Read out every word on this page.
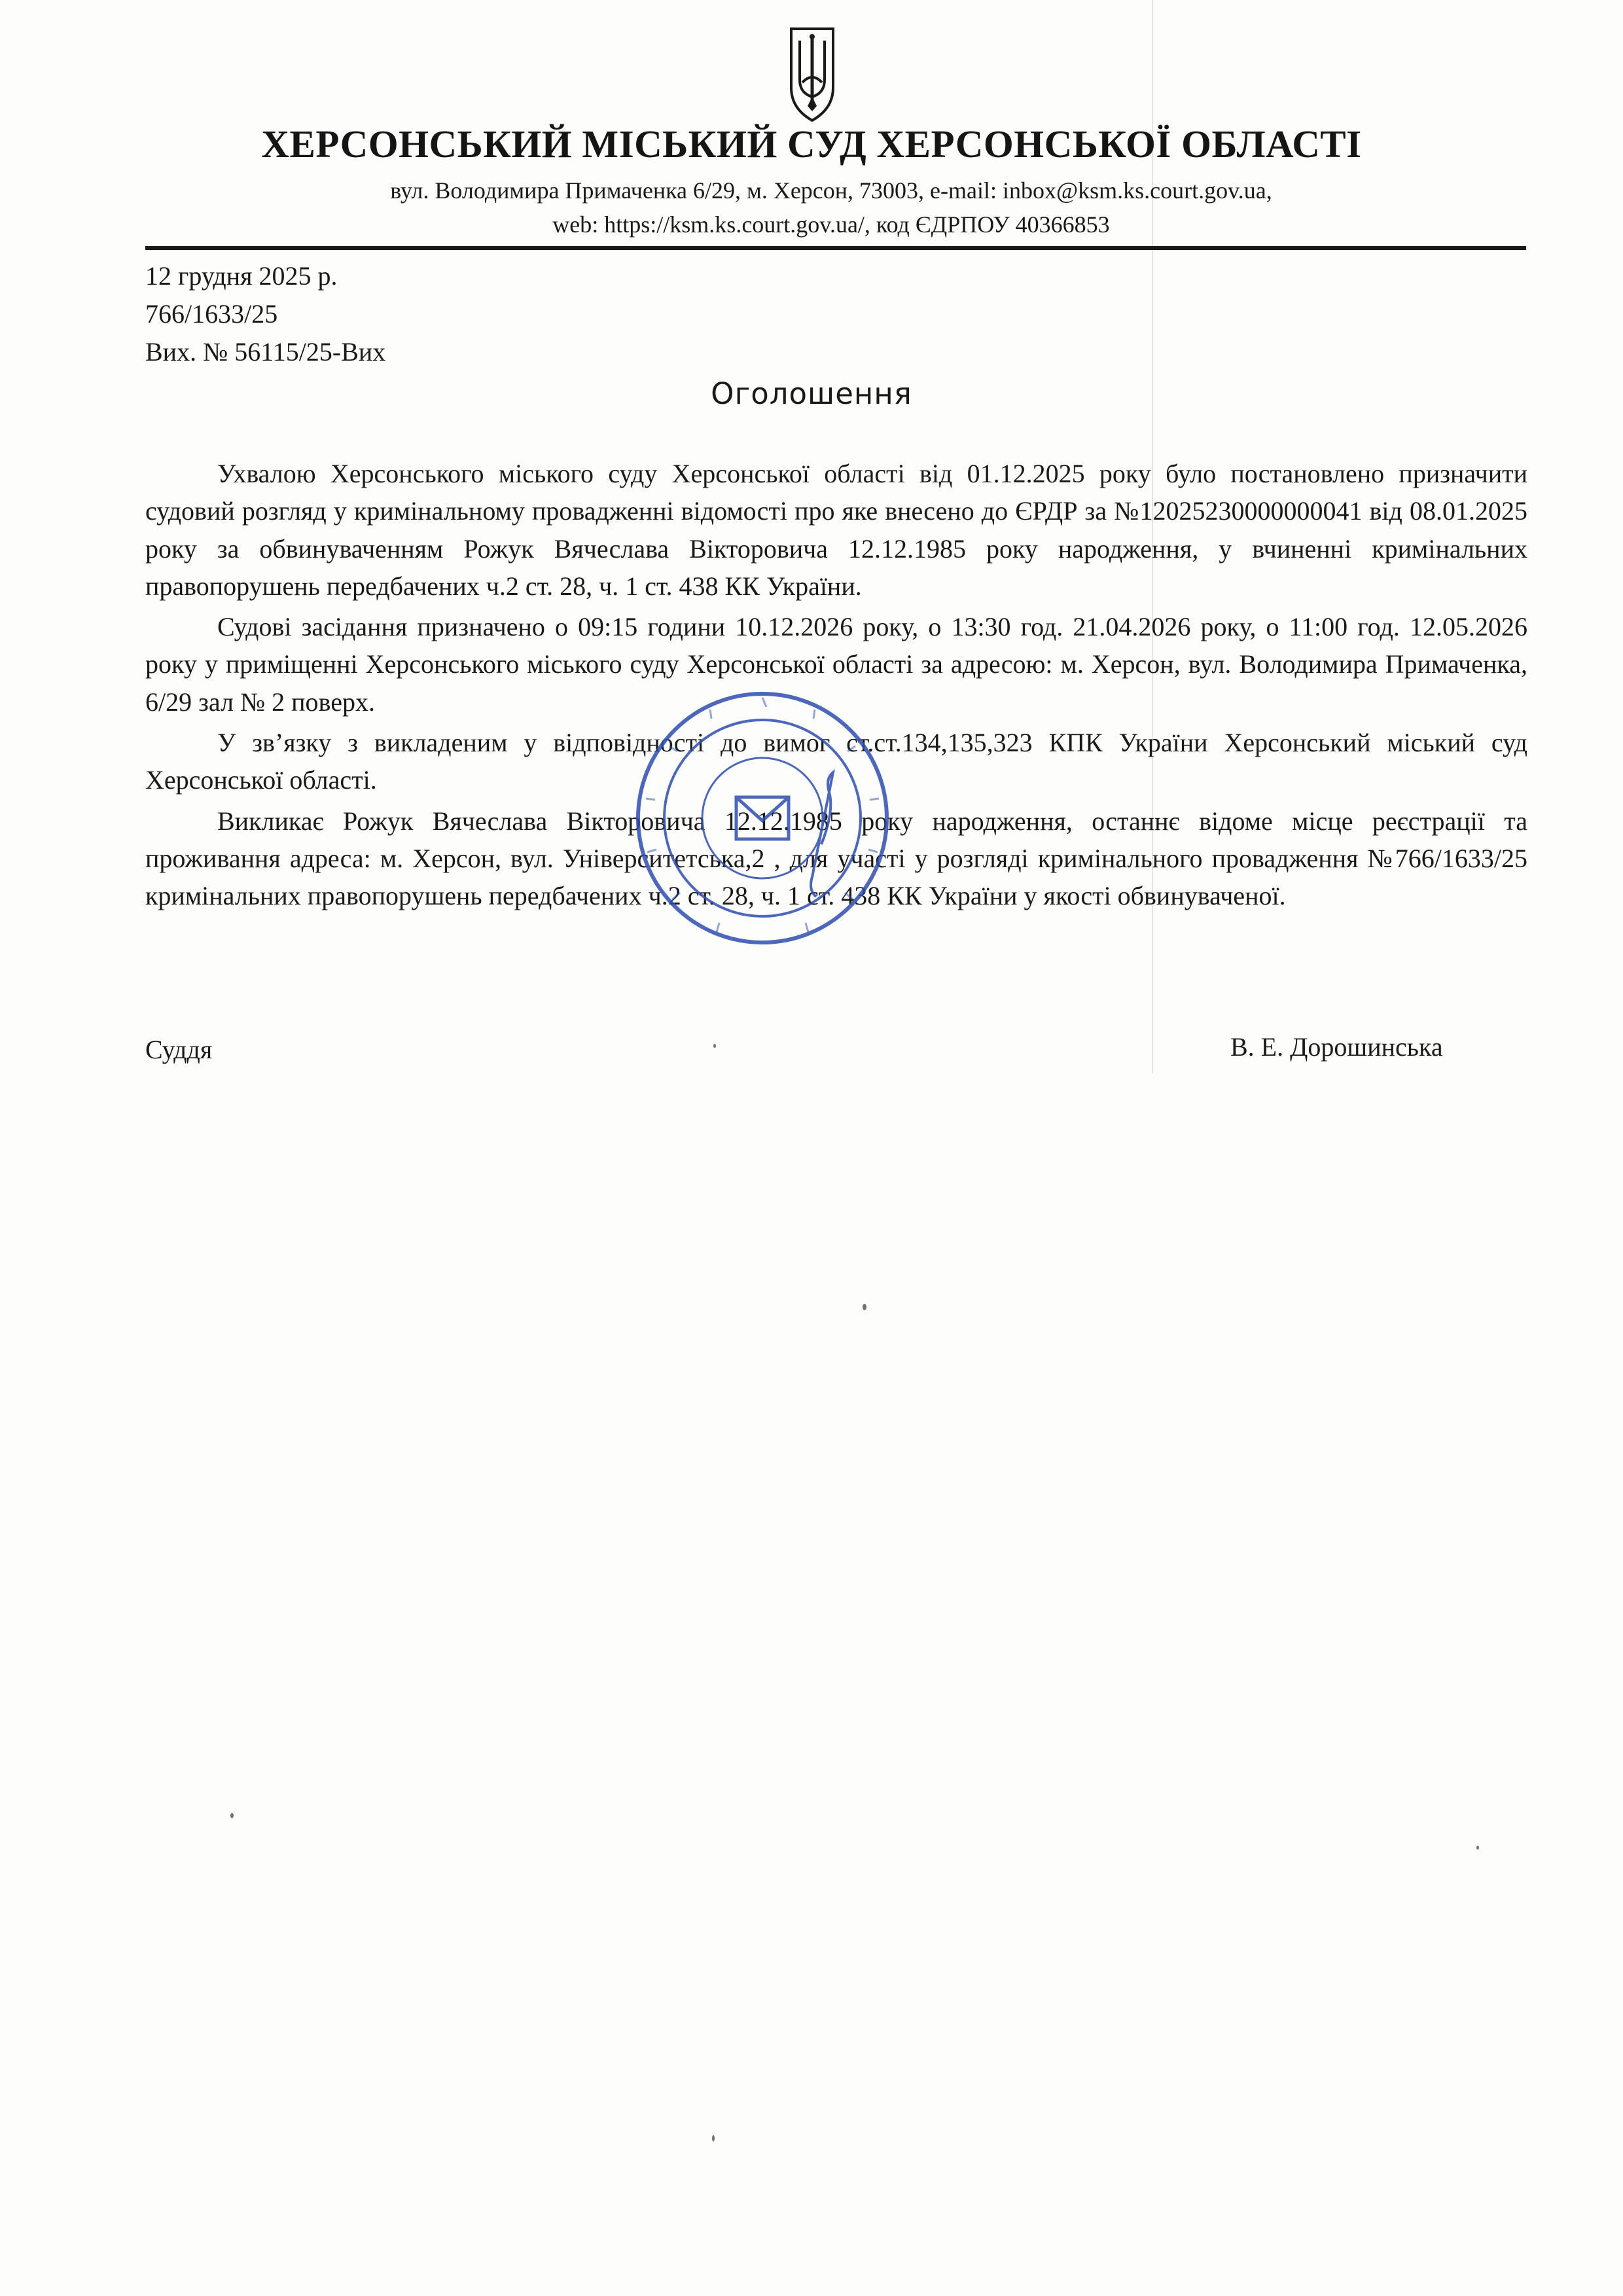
ХЕРСОНСЬКИЙ МІСЬКИЙ СУД ХЕРСОНСЬКОЇ ОБЛАСТІ
вул. Володимира Примаченка 6/29, м. Херсон, 73003, e-mail: inbox@ksm.ks.court.gov.ua,
web: https://ksm.ks.court.gov.ua/, код ЄДРПОУ 40366853
12 грудня 2025 р.
766/1633/25
Вих. № 56115/25-Вих
Оголошення

Ухвалою Херсонського міського суду Херсонської області від 01.12.2025 року було постановлено призначити судовий розгляд у кримінальному провадженні відомості про яке внесено до ЄРДР за №12025230000000041 від 08.01.2025 року за обвинуваченням Рожук Вячеслава Вікторовича 12.12.1985 року народження, у вчиненні кримінальних правопорушень передбачених ч.2 ст. 28, ч. 1 ст. 438 КК України.

Судові засідання призначено о 09:15 години 10.12.2026 року, о 13:30 год. 21.04.2026 року, о 11:00 год. 12.05.2026 року у приміщенні Херсонського міського суду Херсонської області за адресою: м. Херсон, вул. Володимира Примаченка, 6/29 зал № 2 поверх.

У зв’язку з викладеним у відповідності до вимог ст.ст.134,135,323 КПК України Херсонський міський суд Херсонської області.

Викликає Рожук Вячеслава Вікторовича 12.12.1985 року народження, останнє відоме місце реєстрації та проживання адреса: м. Херсон, вул. Університетська,2 , для участі у розгляді кримінального провадження №766/1633/25 кримінальних правопорушень передбачених ч.2 ст. 28, ч. 1 ст. 438 КК України у якості обвинуваченої.

Суддя	В. Е. Дорошинська
